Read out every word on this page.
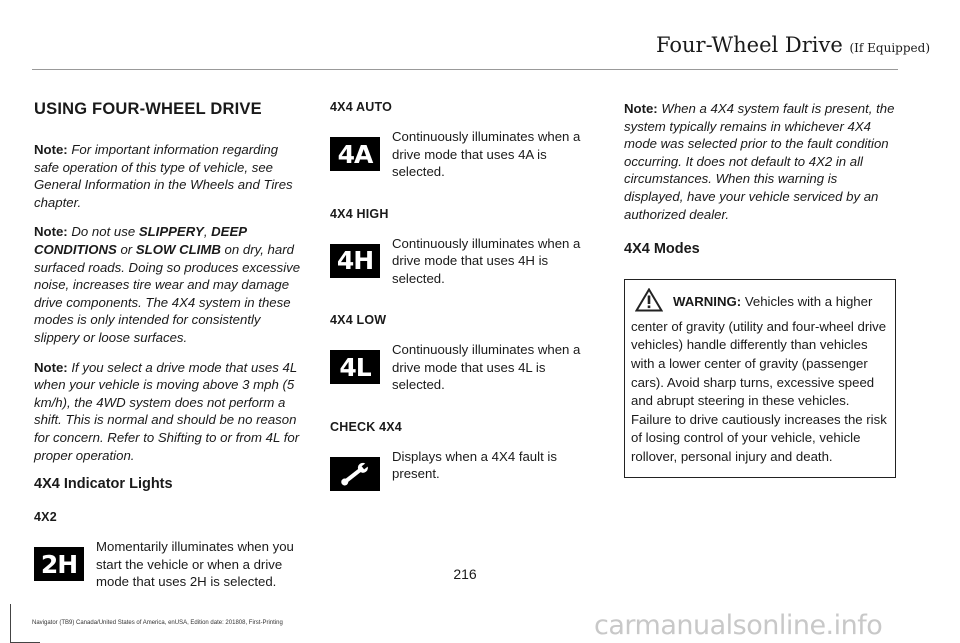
Four-Wheel Drive (If Equipped)
USING FOUR-WHEEL DRIVE

Note: For important information regarding safe operation of this type of vehicle, see General Information in the Wheels and Tires chapter.

Note: Do not use SLIPPERY, DEEP CONDITIONS or SLOW CLIMB on dry, hard surfaced roads. Doing so produces excessive noise, increases tire wear and may damage drive components. The 4X4 system in these modes is only intended for consistently slippery or loose surfaces.

Note: If you select a drive mode that uses 4L when your vehicle is moving above 3 mph (5 km/h), the 4WD system does not perform a shift. This is normal and should be no reason for concern. Refer to Shifting to or from 4L for proper operation.

4X4 Indicator Lights
4X2
2H
Momentarily illuminates when you start the vehicle or when a drive mode that uses 2H is selected.
4X4 AUTO
4A
Continuously illuminates when a drive mode that uses 4A is selected.
4X4 HIGH
4H
Continuously illuminates when a drive mode that uses 4H is selected.
4X4 LOW
4L
Continuously illuminates when a drive mode that uses 4L is selected.
CHECK 4X4
Displays when a 4X4 fault is present.

Note: When a 4X4 system fault is present, the system typically remains in whichever 4X4 mode was selected prior to the fault condition occurring. It does not default to 4X2 in all circumstances. When this warning is displayed, have your vehicle serviced by an authorized dealer.

4X4 Modes
WARNING: Vehicles with a higher center of gravity (utility and four-wheel drive vehicles) handle differently than vehicles with a lower center of gravity (passenger cars). Avoid sharp turns, excessive speed and abrupt steering in these vehicles. Failure to drive cautiously increases the risk of losing control of your vehicle, vehicle rollover, personal injury and death.
216
Navigator (TB9) Canada/United States of America, enUSA, Edition date: 201808, First-Printing	carmanualsonline.info
